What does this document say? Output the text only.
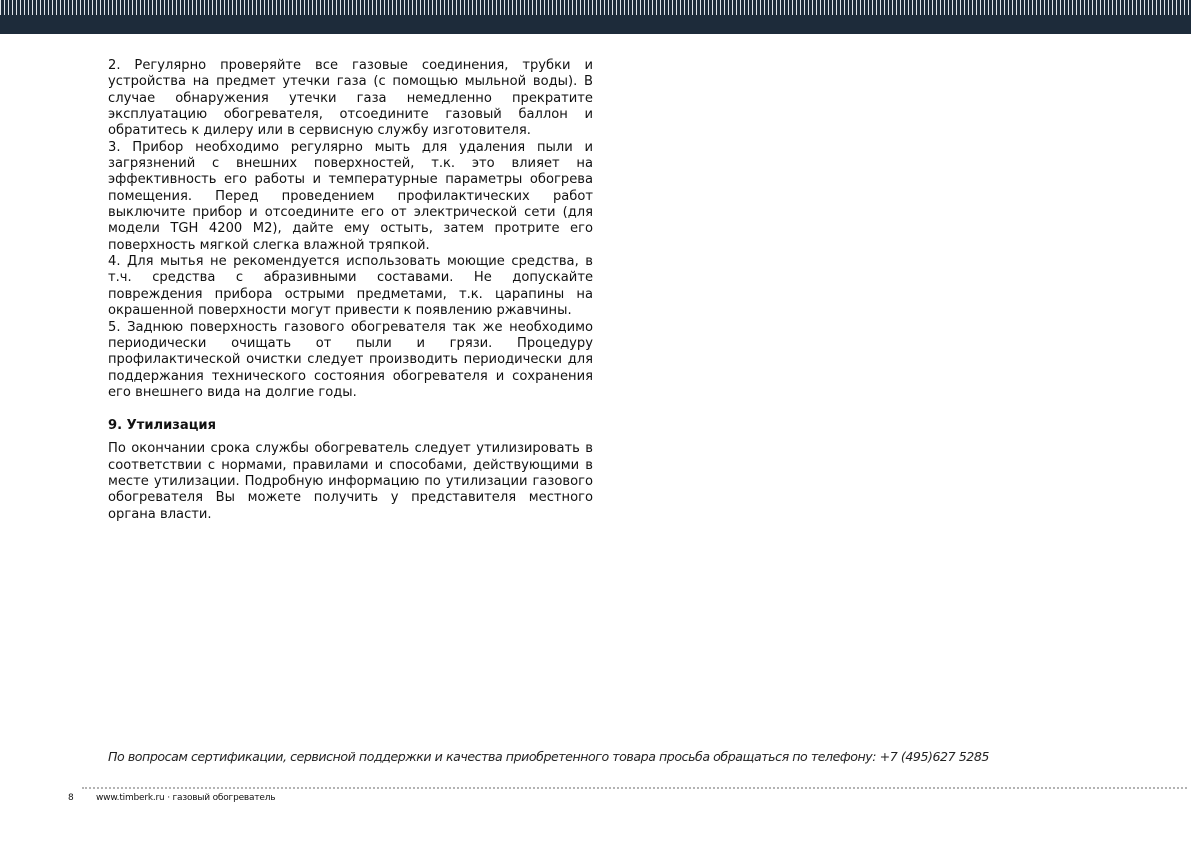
2. Регулярно проверяйте все газовые соединения, трубки и устройства на предмет утечки газа (с помощью мыльной воды). В случае обнаружения утечки газа немедленно прекратите эксплуатацию обогревателя, отсоедините газовый баллон и обратитесь к дилеру или в сервисную службу изготовителя.

3. Прибор необходимо регулярно мыть для удаления пыли и загрязнений с внешних поверхностей, т.к. это влияет на эффективность его работы и температурные параметры обогрева помещения. Перед проведением профилактических работ выключите прибор и отсоедините его от электрической сети (для модели TGH 4200 M2), дайте ему остыть, затем протрите его поверхность мягкой слегка влажной тряпкой.

4. Для мытья не рекомендуется использовать моющие средства, в т.ч. средства с абразивными составами. Не допускайте повреждения прибора острыми предметами, т.к. царапины на окрашенной поверхности могут привести к появлению ржавчины.

5. Заднюю поверхность газового обогревателя так же необходимо периодически очищать от пыли и грязи. Процедуру профилактической очистки следует производить периодически для поддержания технического состояния обогревателя и сохранения его внешнего вида на долгие годы.

9. Утилизация

По окончании срока службы обогреватель следует утилизировать в соответствии с нормами, правилами и способами, действующими в месте утилизации. Подробную информацию по утилизации газового обогревателя Вы можете получить у представителя местного органа власти.

По вопросам сертификации, сервисной поддержки и качества приобретенного товара просьба обращаться по телефону: +7 (495)627 5285
8 www.timberk.ru · газовый обогреватель
